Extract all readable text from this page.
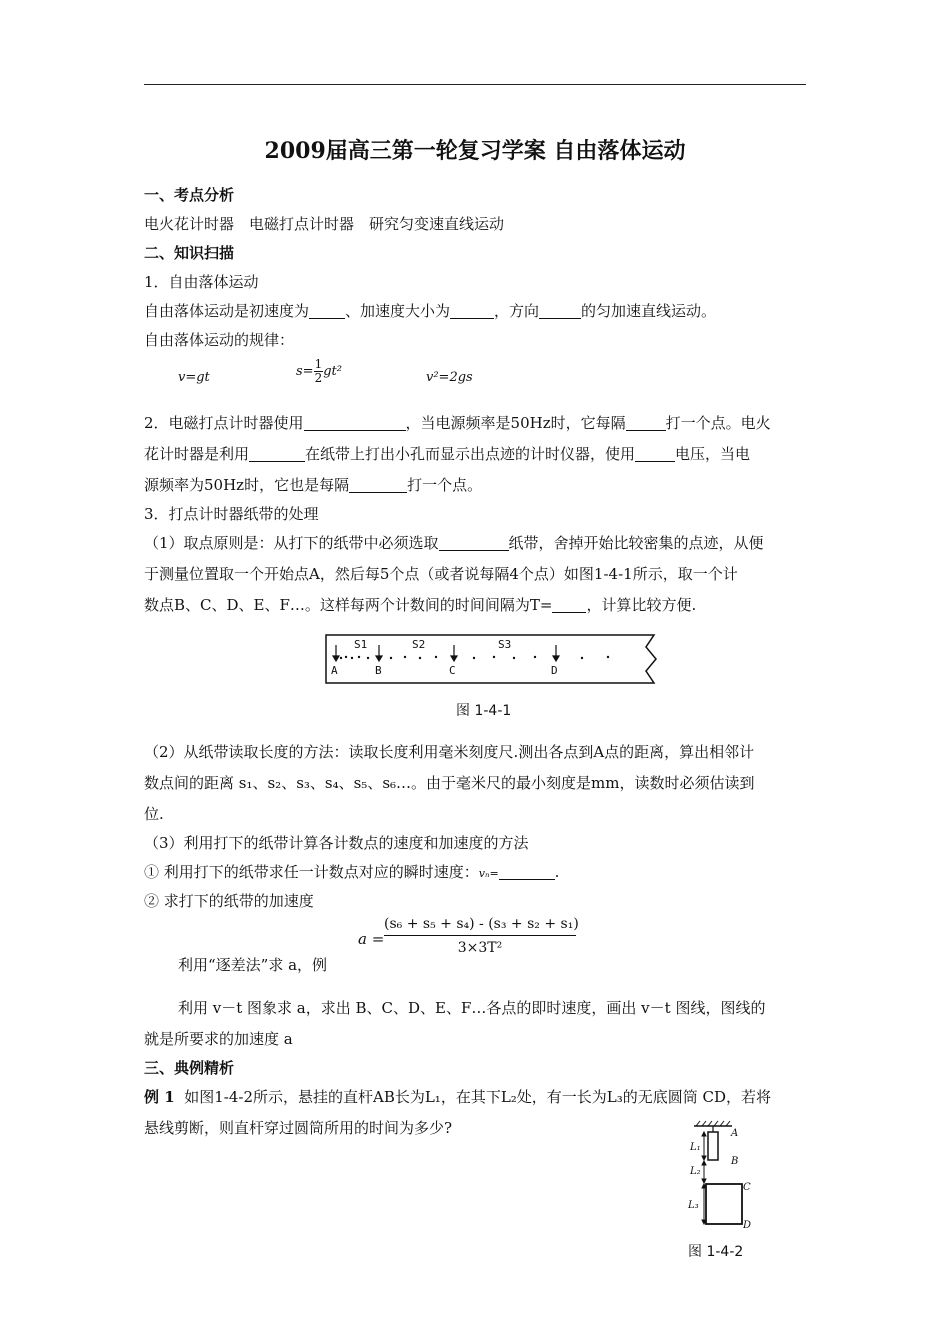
2009届高三第一轮复习学案 自由落体运动
一、考点分析
电火花计时器　电磁打点计时器　研究匀变速直线运动
二、知识扫描
1．自由落体运动
自由落体运动是初速度为 、加速度大小为	，方向	的匀加速直线运动。
自由落体运动的规律：
v=gt	$s= \frac{1}{2}gt^2$	v²=2gs
2．电磁打点计时器使用	，当电源频率是50Hz时，它每隔	打一个点。电火
花计时器是利用	在纸带上打出小孔而显示出点迹的计时仪器，使用	电压，当电
源频率为50Hz时，它也是每隔	打一个点。
3．打点计时器纸带的处理
（1）取点原则是：从打下的纸带中必须选取	纸带，舍掉开始比较密集的点迹，从便
于测量位置取一个开始点A，然后每5个点（或者说每隔4个点）如图1-4-1所示，取一个计
数点B、C、D、E、F…。这样每两个计数间的时间间隔为T= ，计算比较方便.
S1	S2	S3
A	B	C	D
图 1-4-1
（2）从纸带读取长度的方法：读取长度利用毫米刻度尺.测出各点到A点的距离，算出相邻计
数点间的距离 s₁、s₂、s₃、s₄、s₅、s₆…。由于毫米尺的最小刻度是mm，读数时必须估读到
位.
（3）利用打下的纸带计算各计数点的速度和加速度的方法
① 利用打下的纸带求任一计数点对应的瞬时速度：vₙ=	.
② 求打下的纸带的加速度
$a = \frac{\text{(s₆ + s₅ + s₄) - (s₃ + s₂ + s₁)}}{\text{3×3T²}}$
利用“逐差法”求 a，例
利用 v－t 图象求 a，求出 B、C、D、E、F…各点的即时速度，画出 v－t 图线，图线的
就是所要求的加速度 a
三、典例精析
例 1 如图1-4-2所示，悬挂的直杆AB长为L₁，在其下L₂处，有一长为L₃的无底圆筒 CD，若将
悬线剪断，则直杆穿过圆筒所用的时间为多少?	A
B
C
D
L₁
L₂
L₃
图 1-4-2
